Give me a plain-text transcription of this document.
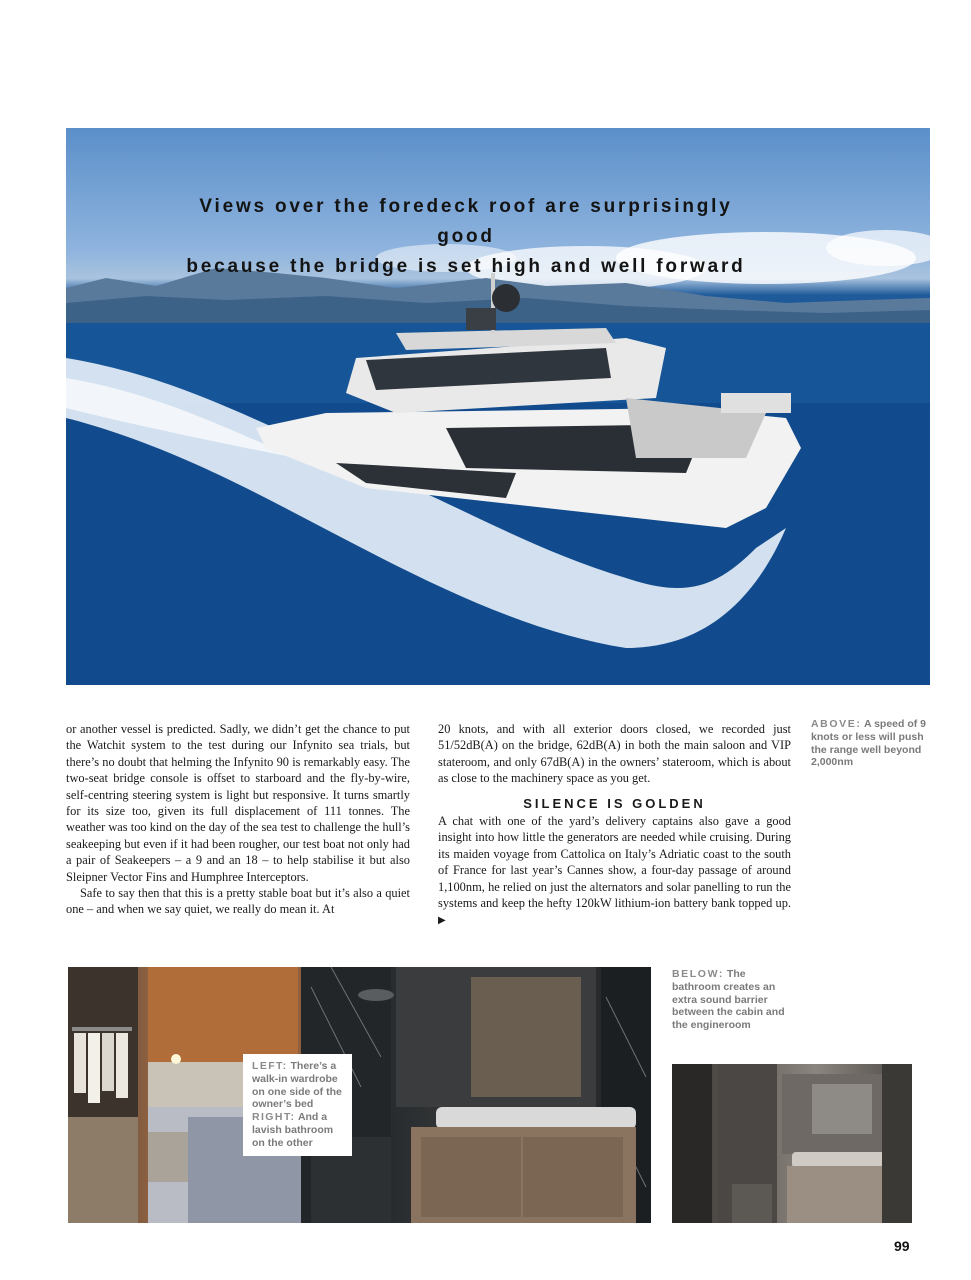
Views over the foredeck roof are surprisingly good
because the bridge is set high and well forward

or another vessel is predicted. Sadly, we didn’t get the chance to put the Watchit system to the test during our Infynito sea trials, but there’s no doubt that helming the Infynito 90 is remarkably easy. The two-seat bridge console is offset to starboard and the fly-by-wire, self-centring steering system is light but responsive. It turns smartly for its size too, given its full displacement of 111 tonnes. The weather was too kind on the day of the sea test to challenge the hull’s seakeeping but even if it had been rougher, our test boat not only had a pair of Seakeepers – a 9 and an 18 – to help stabilise it but also Sleipner Vector Fins and Humphree Interceptors.

Safe to say then that this is a pretty stable boat but it’s also a quiet one – and when we say quiet, we really do mean it. At

20 knots, and with all exterior doors closed, we recorded just 51/52dB(A) on the bridge, 62dB(A) in both the main saloon and VIP stateroom, and only 67dB(A) in the owners’ stateroom, which is about as close to the machinery space as you get.

SILENCE IS GOLDEN

A chat with one of the yard’s delivery captains also gave a good insight into how little the generators are needed while cruising. During its maiden voyage from Cattolica on Italy’s Adriatic coast to the south of France for last year’s Cannes show, a four-day passage of around 1,100nm, he relied on just the alternators and solar panelling to run the systems and keep the hefty 120kW lithium-ion battery bank topped up. ▶

ABOVE: A speed of 9 knots or less will push the range well beyond 2,000nm
LEFT: There’s a walk-in wardrobe on one side of the owner’s bed RIGHT: And a lavish bathroom on the other
BELOW: The bathroom creates an extra sound barrier between the cabin and the engineroom
99
